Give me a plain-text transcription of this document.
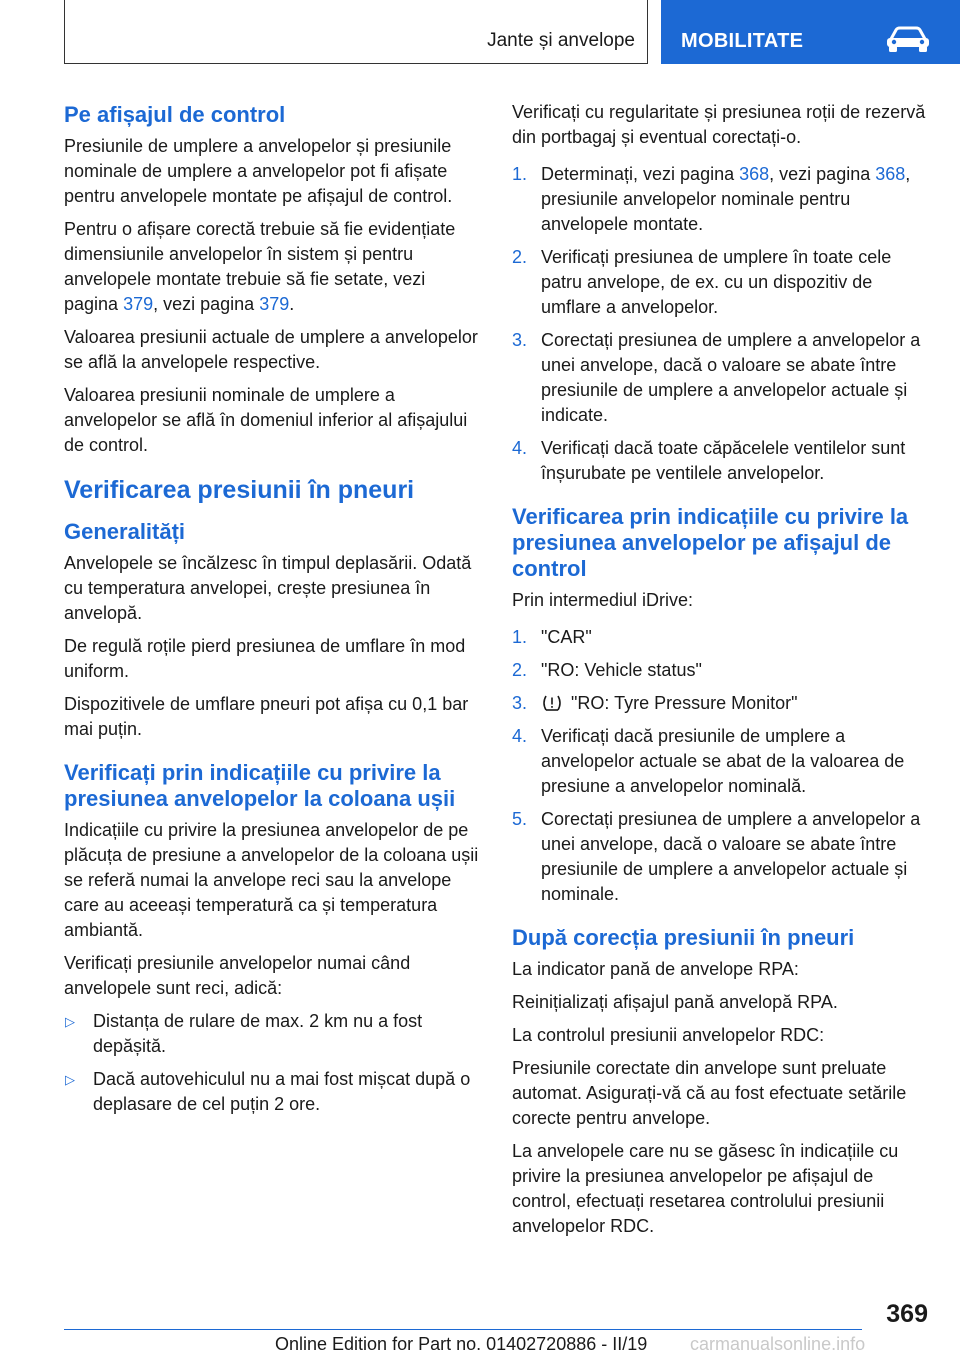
Jante și anvelope MOBILITATE
Pe afișajul de control

Presiunile de umplere a anvelopelor și presiunile nominale de umplere a anvelopelor pot fi afișate pentru anvelopele montate pe afișajul de control.

Pentru o afișare corectă trebuie să fie evidențiate dimensiunile anvelopelor în sistem și pentru anvelopele montate trebuie să fie setate, vezi pagina 379, vezi pagina 379.

Valoarea presiunii actuale de umplere a anvelopelor se află la anvelopele respective.

Valoarea presiunii nominale de umplere a anvelopelor se află în domeniul inferior al afișajului de control.

Verificarea presiunii în pneuri
Generalități

Anvelopele se încălzesc în timpul deplasării. Odată cu temperatura anvelopei, crește presiunea în anvelopă.

De regulă roțile pierd presiunea de umflare în mod uniform.

Dispozitivele de umflare pneuri pot afișa cu 0,1 bar mai puțin.

Verificați prin indicațiile cu privire la presiunea anvelopelor la coloana ușii

Indicațiile cu privire la presiunea anvelopelor de pe plăcuța de presiune a anvelopelor de la coloana ușii se referă numai la anvelope reci sau la anvelope care au aceeași temperatură ca și temperatura ambiantă.

Verificați presiunile anvelopelor numai când anvelopele sunt reci, adică:

▷ Distanța de rulare de max. 2 km nu a fost depășită.
▷ Dacă autovehiculul nu a mai fost mișcat după o deplasare de cel puțin 2 ore.

Verificați cu regularitate și presiunea roții de rezervă din portbagaj și eventual corectați-o.

1. Determinați, vezi pagina 368, vezi pagina 368, presiunile anvelopelor nominale pentru anvelopele montate.
2. Verificați presiunea de umplere în toate cele patru anvelope, de ex. cu un dispozitiv de umflare a anvelopelor.
3. Corectați presiunea de umplere a anvelopelor a unei anvelope, dacă o valoare se abate între presiunile de umplere a anvelopelor actuale și indicate.
4. Verificați dacă toate căpăcelele ventilelor sunt înșurubate pe ventilele anvelopelor.
Verificarea prin indicațiile cu privire la presiunea anvelopelor pe afișajul de control

Prin intermediul iDrive:

1. "CAR"
2. "RO: Vehicle status"
3. "RO: Tyre Pressure Monitor"
4. Verificați dacă presiunile de umplere a anvelopelor actuale se abat de la valoarea de presiune a anvelopelor nominală.
5. Corectați presiunea de umplere a anvelopelor a unei anvelope, dacă o valoare se abate între presiunile de umplere a anvelopelor actuale și nominale.
După corecția presiunii în pneuri

La indicator pană de anvelope RPA:

Reinițializați afișajul pană anvelopă RPA.

La controlul presiunii anvelopelor RDC:

Presiunile corectate din anvelope sunt preluate automat. Asigurați-vă că au fost efectuate setările corecte pentru anvelope.

La anvelopele care nu se găsesc în indicațiile cu privire la presiunea anvelopelor pe afișajul de control, efectuați resetarea controlului presiunii anvelopelor RDC.

369
Online Edition for Part no. 01402720886 - II/19 carmanualsonline.info
